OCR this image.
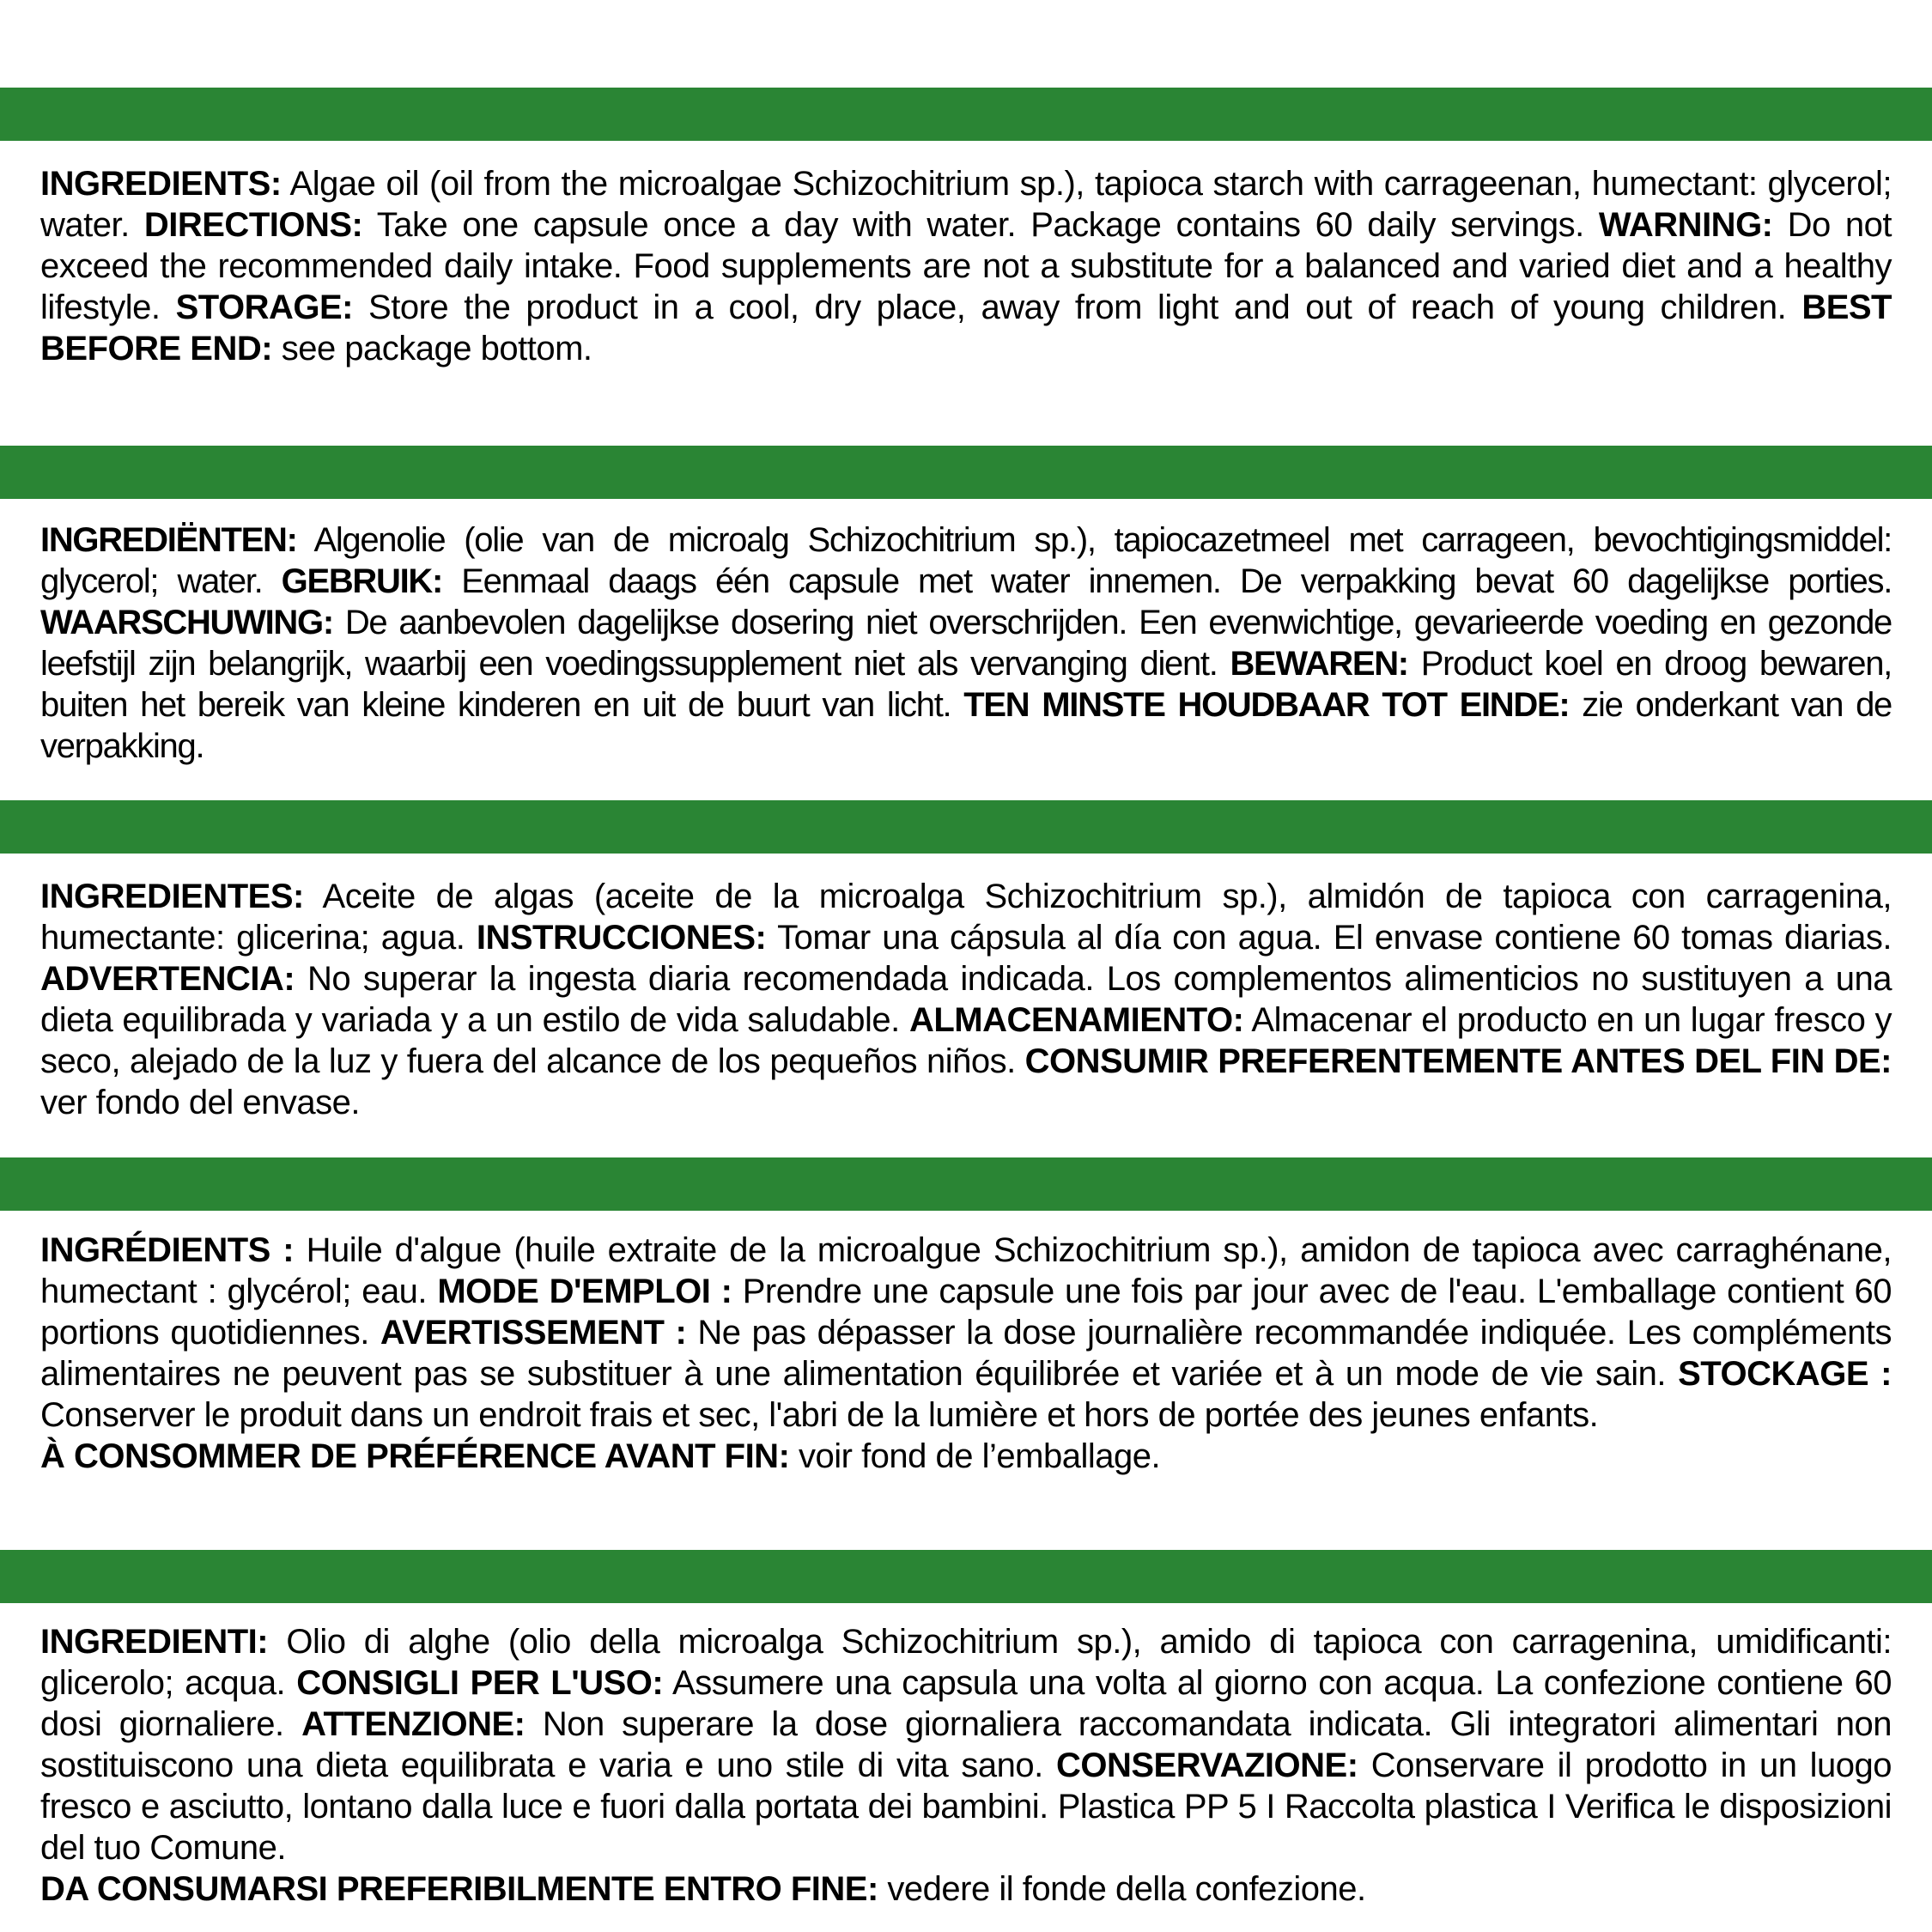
INGREDIENTS: Algae oil (oil from the microalgae Schizochitrium sp.), tapioca starch with carrageenan, humectant: glycerol; water. DIRECTIONS: Take one capsule once a day with water. Package contains 60 daily servings. WARNING: Do not exceed the recommended daily intake. Food supplements are not a substitute for a balanced and varied diet and a healthy lifestyle. STORAGE: Store the product in a cool, dry place, away from light and out of reach of young children. BEST BEFORE END: see package bottom.

INGREDIËNTEN: Algenolie (olie van de microalg Schizochitrium sp.), tapiocazetmeel met carrageen, bevochtigingsmiddel: glycerol; water. GEBRUIK: Eenmaal daags één capsule met water innemen. De verpakking bevat 60 dagelijkse porties. WAARSCHUWING: De aanbevolen dagelijkse dosering niet overschrijden. Een evenwichtige, gevarieerde voeding en gezonde leefstijl zijn belangrijk, waarbij een voedingssupplement niet als vervanging dient. BEWAREN: Product koel en droog bewaren, buiten het bereik van kleine kinderen en uit de buurt van licht. TEN MINSTE HOUDBAAR TOT EINDE: zie onderkant van de verpakking.

INGREDIENTES: Aceite de algas (aceite de la microalga Schizochitrium sp.), almidón de tapioca con carragenina, humectante: glicerina; agua. INSTRUCCIONES: Tomar una cápsula al día con agua. El envase contiene 60 tomas diarias. ADVERTENCIA: No superar la ingesta diaria recomendada indicada. Los complementos alimenticios no sustituyen a una dieta equilibrada y variada y a un estilo de vida saludable. ALMACENAMIENTO: Almacenar el producto en un lugar fresco y seco, alejado de la luz y fuera del alcance de los pequeños niños. CONSUMIR PREFERENTEMENTE ANTES DEL FIN DE: ver fondo del envase.

INGRÉDIENTS : Huile d'algue (huile extraite de la microalgue Schizochitrium sp.), amidon de tapioca avec carraghénane, humectant : glycérol; eau. MODE D'EMPLOI : Prendre une capsule une fois par jour avec de l'eau. L'emballage contient 60 portions quotidiennes. AVERTISSEMENT : Ne pas dépasser la dose journalière recommandée indiquée. Les compléments alimentaires ne peuvent pas se substituer à une alimentation équilibrée et variée et à un mode de vie sain. STOCKAGE : Conserver le produit dans un endroit frais et sec, l'abri de la lumière et hors de portée des jeunes enfants.

À CONSOMMER DE PRÉFÉRENCE AVANT FIN: voir fond de l’emballage.

INGREDIENTI: Olio di alghe (olio della microalga Schizochitrium sp.), amido di tapioca con carragenina, umidificanti: glicerolo; acqua. CONSIGLI PER L'USO: Assumere una capsula una volta al giorno con acqua. La confezione contiene 60 dosi giornaliere. ATTENZIONE: Non superare la dose giornaliera raccomandata indicata. Gli integratori alimentari non sostituiscono una dieta equilibrata e varia e uno stile di vita sano. CONSERVAZIONE: Conservare il prodotto in un luogo fresco e asciutto, lontano dalla luce e fuori dalla portata dei bambini. Plastica PP 5 I Raccolta plastica I Verifica le disposizioni del tuo Comune.

DA CONSUMARSI PREFERIBILMENTE ENTRO FINE: vedere il fonde della confezione.
